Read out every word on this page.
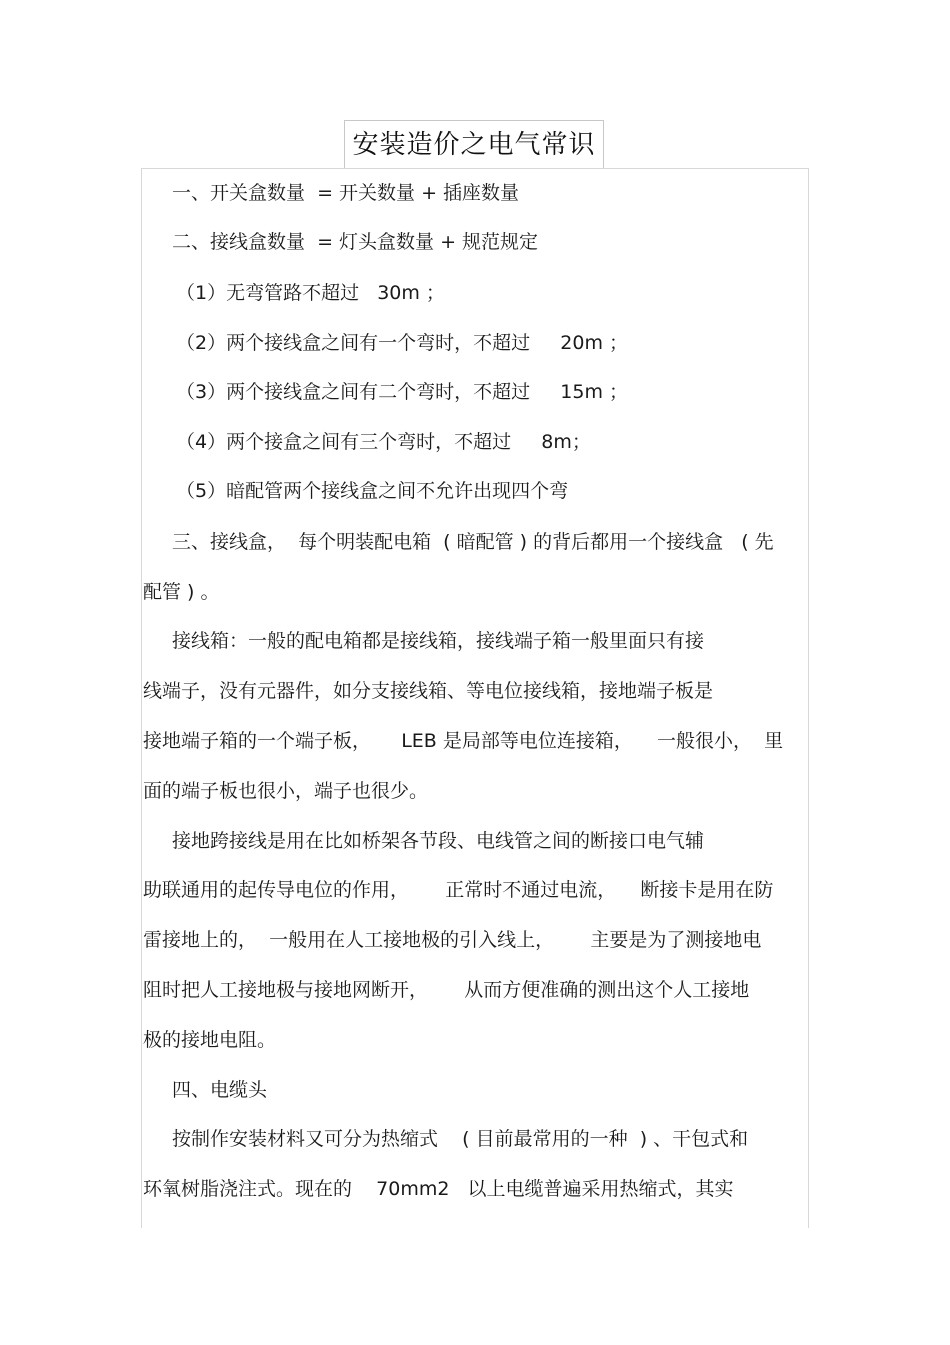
安装造价之电气常识
一、开关盒数量  = 开关数量 + 插座数量
二、接线盒数量  = 灯头盒数量 + 规范规定
（1）无弯管路不超过   30m ；
（2）两个接线盒之间有一个弯时，不超过     20m ；
（3）两个接线盒之间有二个弯时，不超过     15m ；
（4）两个接盒之间有三个弯时，不超过     8m；
（5）暗配管两个接线盒之间不允许出现四个弯
三、接线盒，  每个明装配电箱  ( 暗配管 ) 的背后都用一个接线盒   ( 先
配管 ) 。
接线箱：一般的配电箱都是接线箱，接线端子箱一般里面只有接
线端子，没有元器件，如分支接线箱、等电位接线箱，接地端子板是
接地端子箱的一个端子板，     LEB 是局部等电位连接箱，    一般很小，  里
面的端子板也很小，端子也很少。
接地跨接线是用在比如桥架各节段、电线管之间的断接口电气辅
助联通用的起传导电位的作用，      正常时不通过电流，    断接卡是用在防
雷接地上的，  一般用在人工接地极的引入线上，      主要是为了测接地电
阻时把人工接地极与接地网断开，      从而方便准确的测出这个人工接地
极的接地电阻。
四、电缆头
按制作安装材料又可分为热缩式    ( 目前最常用的一种  ) 、干包式和
环氧树脂浇注式。现在的    70mm2   以上电缆普遍采用热缩式，其实
